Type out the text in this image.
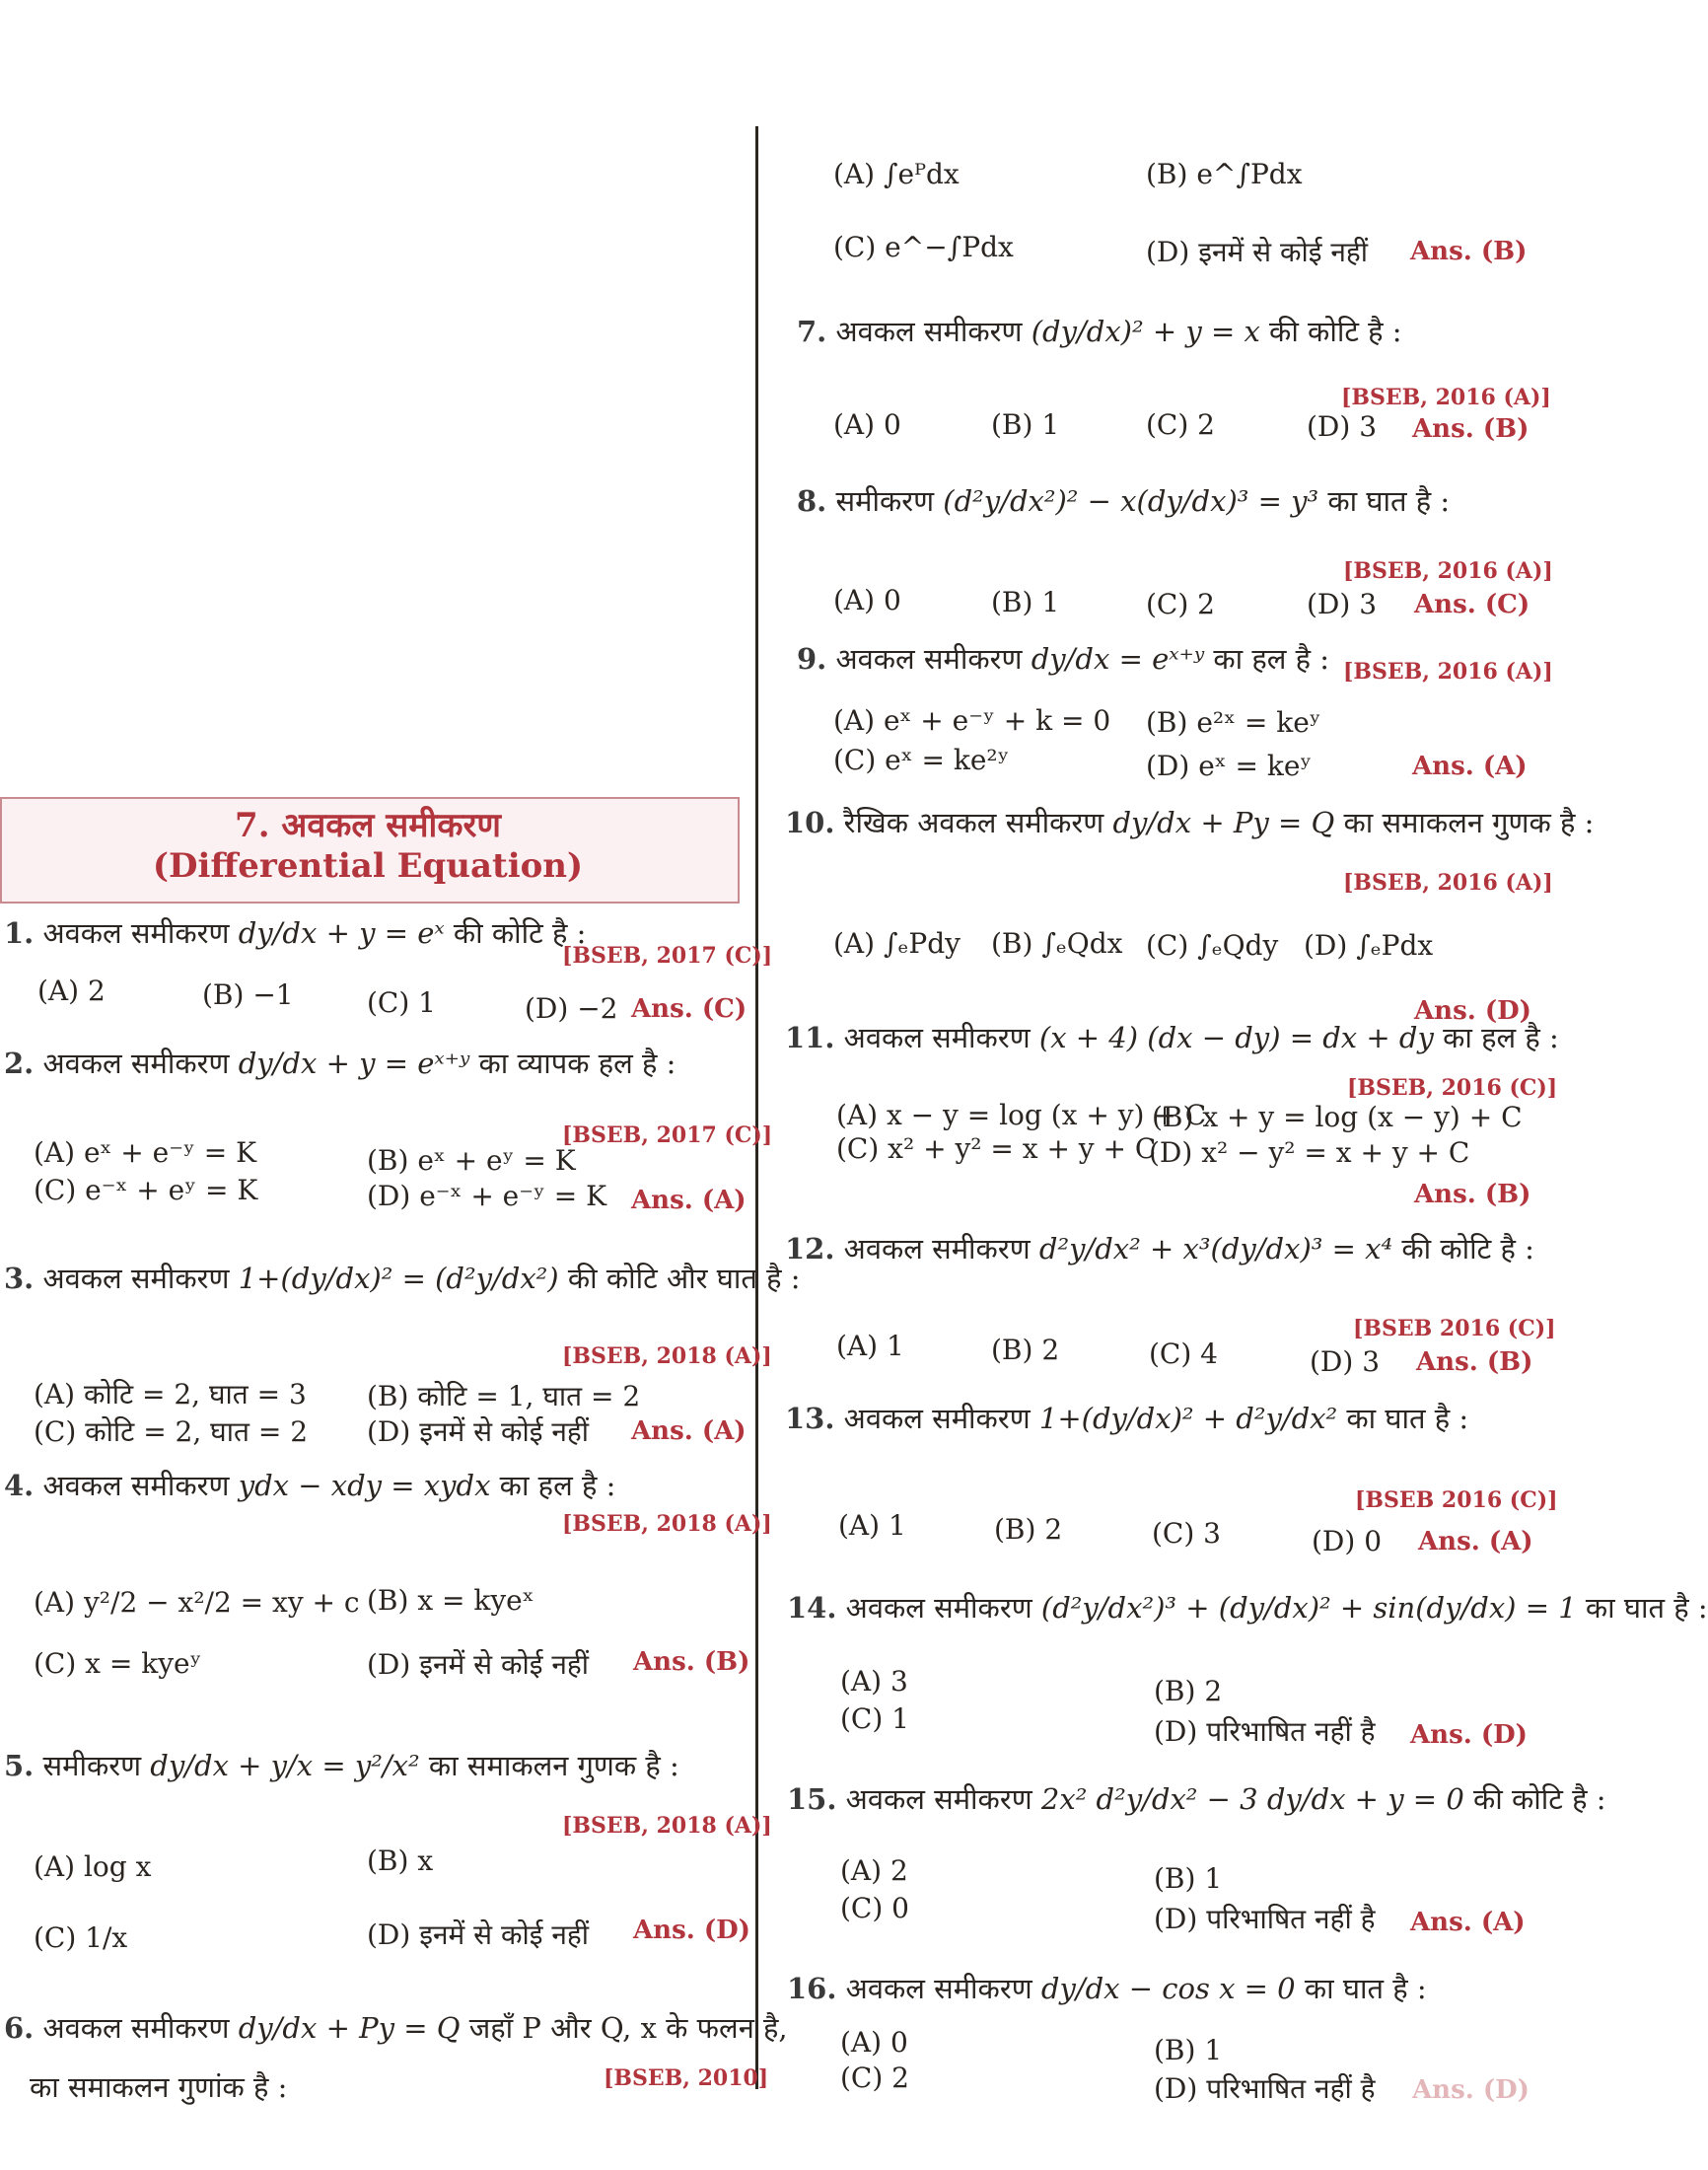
7. अवकल समीकरण
(Differential Equation)
1. अवकल समीकरण dy/dx + y = eˣ की कोटि है :
[BSEB, 2017 (C)]
(A) 2	(B) −1	(C) 1	(D) −2 Ans. (C)
2. अवकल समीकरण dy/dx + y = eˣ⁺ʸ का व्यापक हल है :
[BSEB, 2017 (C)]
(A) eˣ + e⁻ʸ = K	(B) eˣ + eʸ = K
(C) e⁻ˣ + eʸ = K	(D) e⁻ˣ + e⁻ʸ = K Ans. (A)
3. अवकल समीकरण 1+(dy/dx)² = (d²y/dx²) की कोटि और घात है :
[BSEB, 2018 (A)]
(A) कोटि = 2, घात = 3 (B) कोटि = 1, घात = 2
(C) कोटि = 2, घात = 2 (D) इनमें से कोई नहीं Ans. (A)
4. अवकल समीकरण ydx − xdy = xydx का हल है :
[BSEB, 2018 (A)]
(A) y²/2 − x²/2 = xy + c (B) x = kyeˣ
(C) x = kyeʸ	(D) इनमें से कोई नहीं Ans. (B)
5. समीकरण dy/dx + y/x = y²/x² का समाकलन गुणक है :
[BSEB, 2018 (A)]
(A) log x	(B) x
(C) 1/x	(D) इनमें से कोई नहीं Ans. (D)
6. अवकल समीकरण dy/dx + Py = Q जहाँ P और Q, x के फलन है,
का समाकलन गुणांक है :	[BSEB, 2010]
(A) ∫eᴾdx	(B) e^∫Pdx
(C) e^−∫Pdx	(D) इनमें से कोई नहीं Ans. (B)
7. अवकल समीकरण (dy/dx)² + y = x की कोटि है :
[BSEB, 2016 (A)]
(A) 0	(B) 1	(C) 2	(D) 3 Ans. (B)
8. समीकरण (d²y/dx²)² − x(dy/dx)³ = y³ का घात है :
[BSEB, 2016 (A)]
(A) 0	(B) 1	(C) 2	(D) 3 Ans. (C)
9. अवकल समीकरण dy/dx = eˣ⁺ʸ का हल है : [BSEB, 2016 (A)]
(A) eˣ + e⁻ʸ + k = 0 (B) e²ˣ = keʸ
(C) eˣ = ke²ʸ	(D) eˣ = keʸ	Ans. (A)
10. रैखिक अवकल समीकरण dy/dx + Py = Q का समाकलन गुणक है :
[BSEB, 2016 (A)]
(A) ∫ₑPdy (B) ∫ₑQdx (C) ∫ₑQdy (D) ∫ₑPdx
Ans. (D)
11. अवकल समीकरण (x + 4) (dx − dy) = dx + dy का हल है :
[BSEB, 2016 (C)]
(A) x − y = log (x + y) + C
(B) x + y = log (x − y) + C
(C) x² + y² = x + y + C
(D) x² − y² = x + y + C
Ans. (B)
12. अवकल समीकरण d²y/dx² + x³(dy/dx)³ = x⁴ की कोटि है :
[BSEB 2016 (C)]
(A) 1	(B) 2	(C) 4	(D) 3 Ans. (B)
13. अवकल समीकरण 1+(dy/dx)² + d²y/dx² का घात है :
[BSEB 2016 (C)]
(A) 1	(B) 2	(C) 3	(D) 0 Ans. (A)
14. अवकल समीकरण (d²y/dx²)³ + (dy/dx)² + sin(dy/dx) = 1 का घात है :
(A) 3	(B) 2
(C) 1	(D) परिभाषित नहीं है Ans. (D)
15. अवकल समीकरण 2x² d²y/dx² − 3 dy/dx + y = 0 की कोटि है :
(A) 2	(B) 1
(C) 0	(D) परिभाषित नहीं है Ans. (A)
16. अवकल समीकरण dy/dx − cos x = 0 का घात है :
(A) 0	(B) 1
(C) 2	(D) परिभाषित नहीं है Ans. (D)
